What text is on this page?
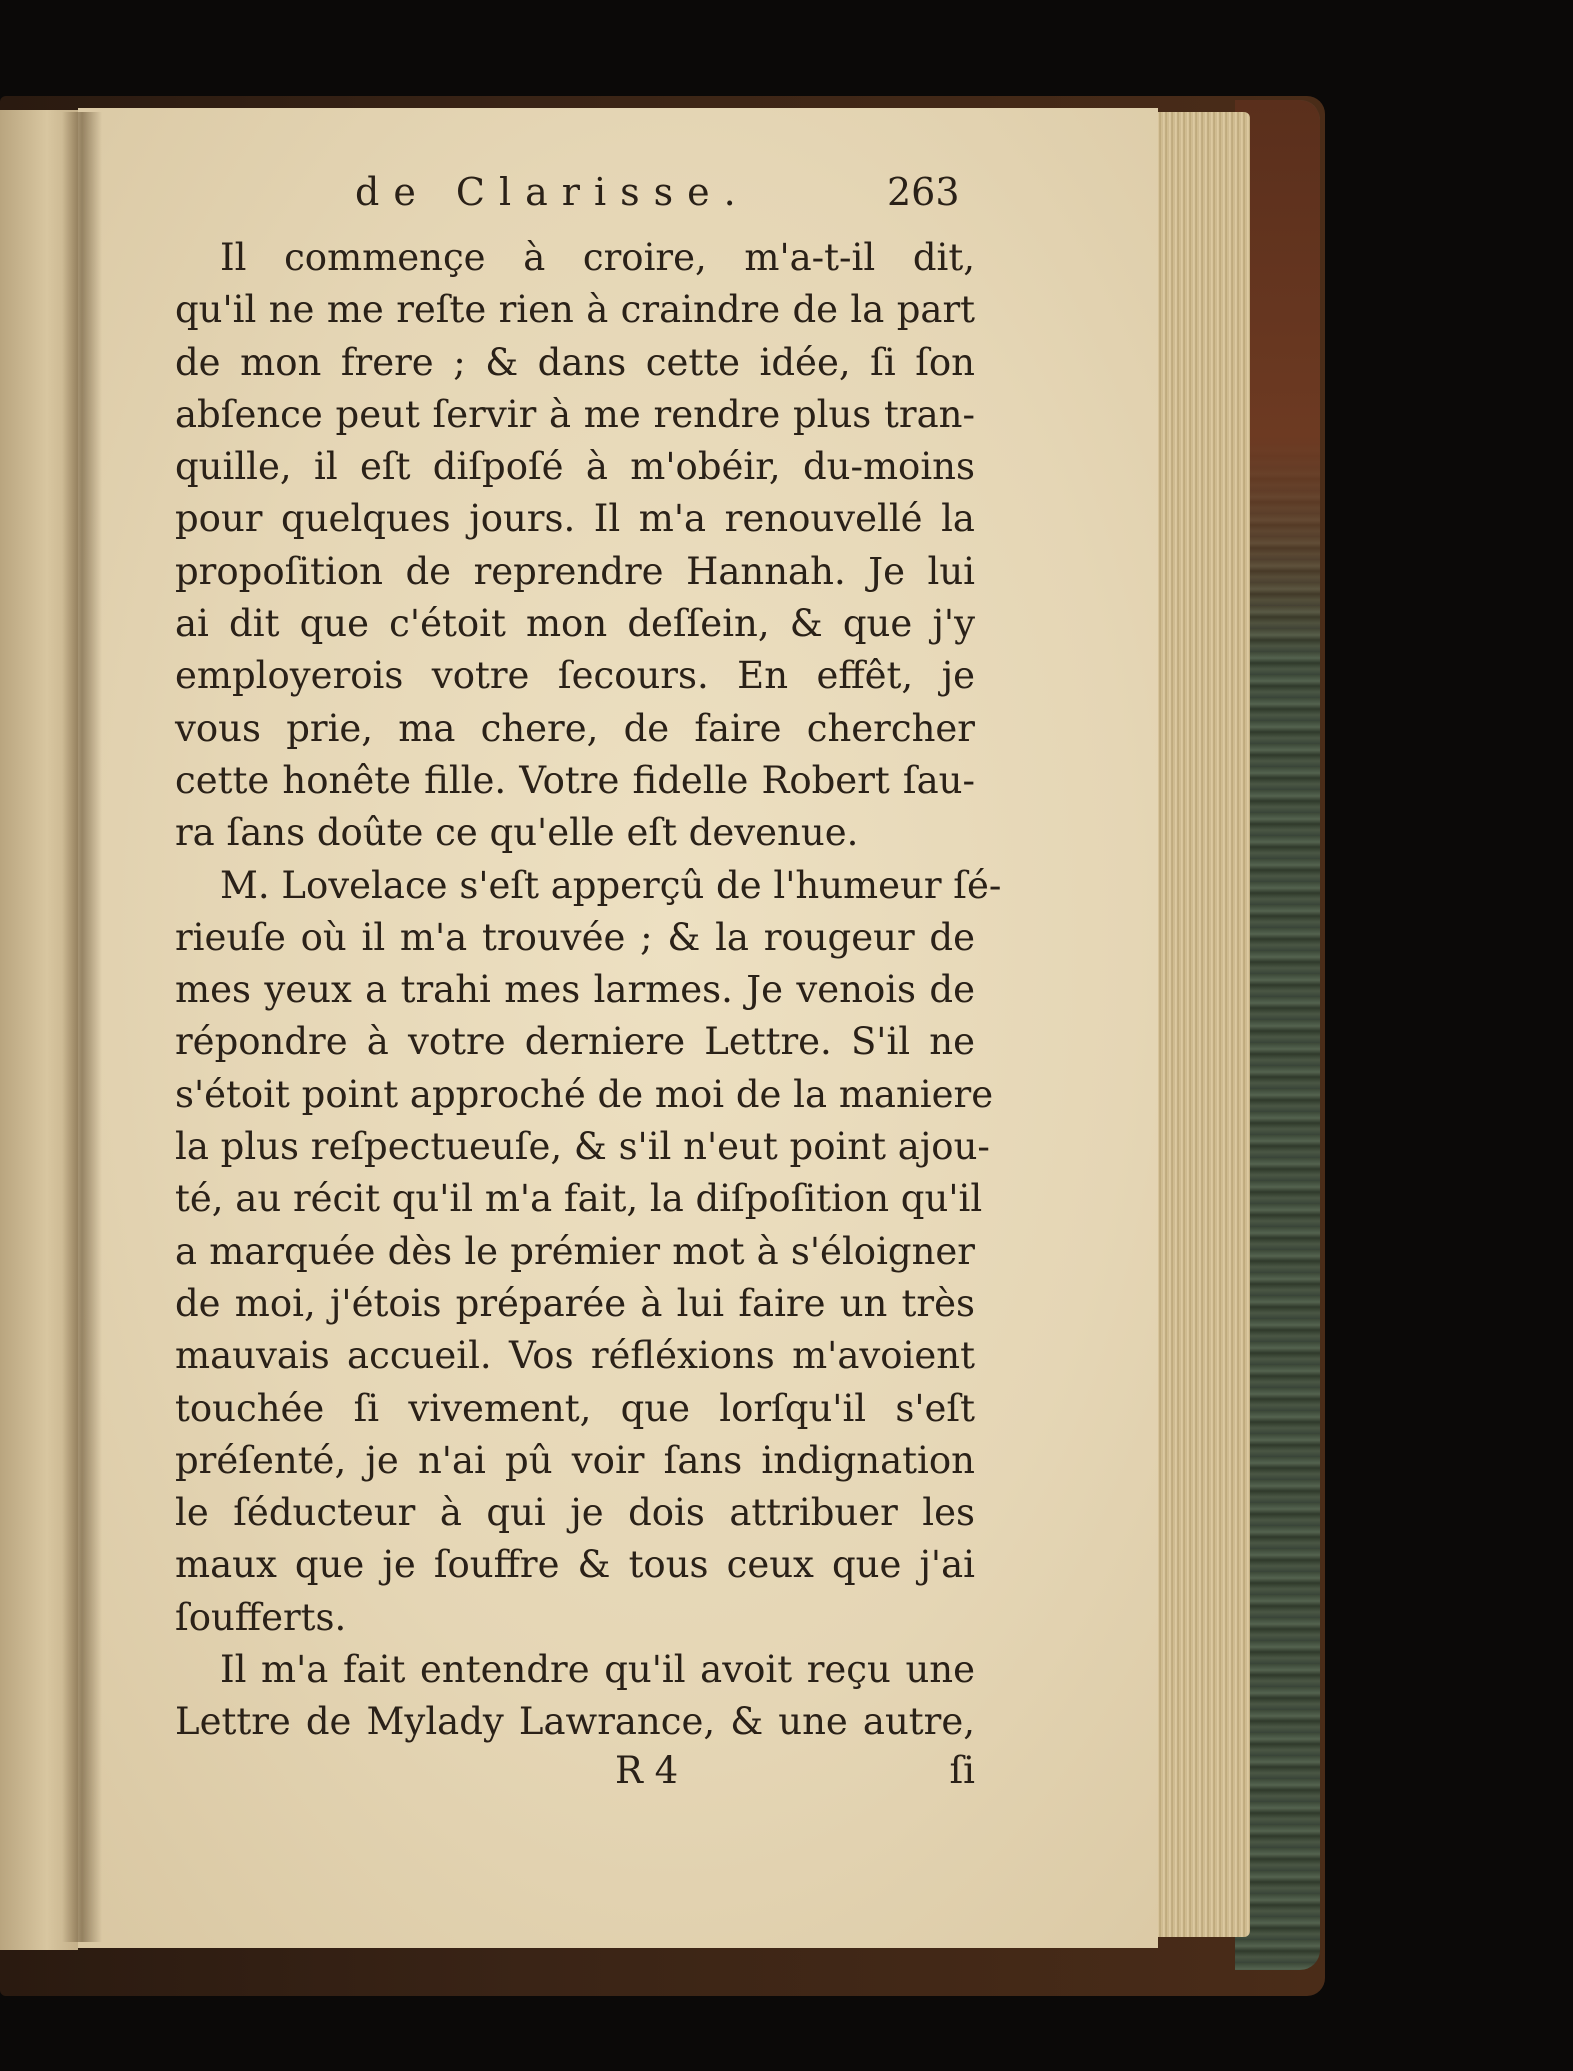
de Clarisse.	263
Il commençe à croire, m'a-t-il dit,
qu'il ne me reſte rien à craindre de la part
de mon frere ; & dans cette idée, ſi ſon
abſence peut ſervir à me rendre plus tran-
quille, il eſt diſpoſé à m'obéir, du-moins
pour quelques jours. Il m'a renouvellé la
propoſition de reprendre Hannah. Je lui
ai dit que c'étoit mon deſſein, & que j'y
employerois votre ſecours. En effêt, je
vous prie, ma chere, de faire chercher
cette honête fille. Votre fidelle Robert ſau-
ra ſans doûte ce qu'elle eſt devenue.
M. Lovelace s'eſt apperçû de l'humeur ſé-
rieuſe où il m'a trouvée ; & la rougeur de
mes yeux a trahi mes larmes. Je venois de
répondre à votre derniere Lettre. S'il ne
s'étoit point approché de moi de la maniere
la plus reſpectueuſe, & s'il n'eut point ajou-
té, au récit qu'il m'a fait, la diſpoſition qu'il
a marquée dès le prémier mot à s'éloigner
de moi, j'étois préparée à lui faire un très
mauvais accueil. Vos réfléxions m'avoient
touchée ſi vivement, que lorſqu'il s'eſt
préſenté, je n'ai pû voir ſans indignation
le ſéducteur à qui je dois attribuer les
maux que je ſouffre & tous ceux que j'ai
ſoufferts.
Il m'a fait entendre qu'il avoit reçu une
Lettre de Mylady Lawrance, & une autre,
R 4	ſi
